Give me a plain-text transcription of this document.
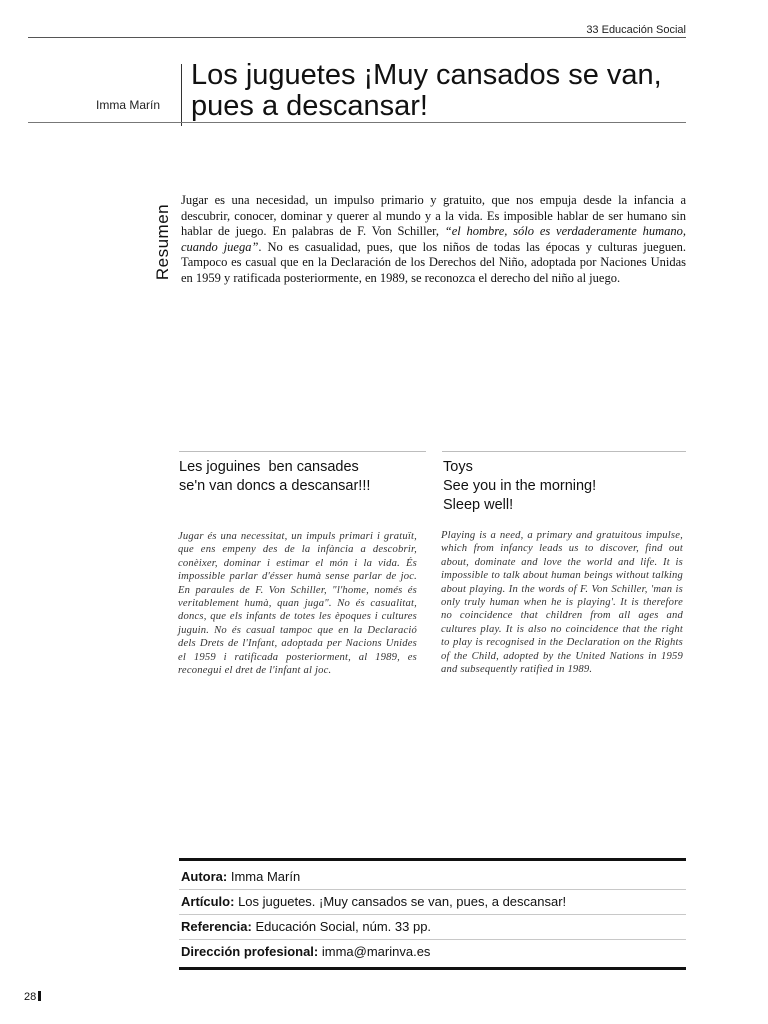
33 Educación Social
Imma Marín
Los juguetes ¡Muy cansados se van,
pues a descansar!
Resumen

Jugar es una necesidad, un impulso primario y gratuito, que nos empuja desde la infancia a descubrir, conocer, dominar y querer al mundo y a la vida. Es imposible hablar de ser humano sin hablar de juego. En palabras de F. Von Schiller, “el hombre, sólo es verdaderamente humano, cuando juega”. No es casualidad, pues, que los niños de todas las épocas y culturas jueguen. Tampoco es casual que en la Declaración de los Derechos del Niño, adoptada por Naciones Unidas en 1959 y ratificada posteriormente, en 1989, se reconozca el derecho del niño al juego.

Les joguines  ben cansades
se'n van doncs a descansar!!!

Jugar és una necessitat, un impuls primari i gratuït, que ens empeny des de la infància a descobrir, conèixer, dominar i estimar el món i la vida. És impossible parlar d'ésser humà sense parlar de joc. En paraules de F. Von Schiller, "l'home, només és veritablement humà, quan juga". No és casualitat, doncs, que els infants de totes les èpoques i cultures juguin. No és casual tampoc que en la Declaració dels Drets de l'Infant, adoptada per Nacions Unides el 1959 i ratificada posteriorment, al 1989, es reconegui el dret de l'infant al joc.

Toys
See you in the morning!
Sleep well!

Playing is a need, a primary and gratuitous impulse, which from infancy leads us to discover, find out about, dominate and love the world and life. It is impossible to talk about human beings without talking about playing. In the words of F. Von Schiller, 'man is only truly human when he is playing'. It is therefore no coincidence that children from all ages and cultures play. It is also no coincidence that the right to play is recognised in the Declaration on the Rights of the Child, adopted by the United Nations in 1959 and subsequently ratified in 1989.

Autora: Imma Marín
Artículo: Los juguetes. ¡Muy cansados se van, pues, a descansar!
Referencia: Educación Social, núm. 33 pp.
Dirección profesional: imma@marinva.es
28
